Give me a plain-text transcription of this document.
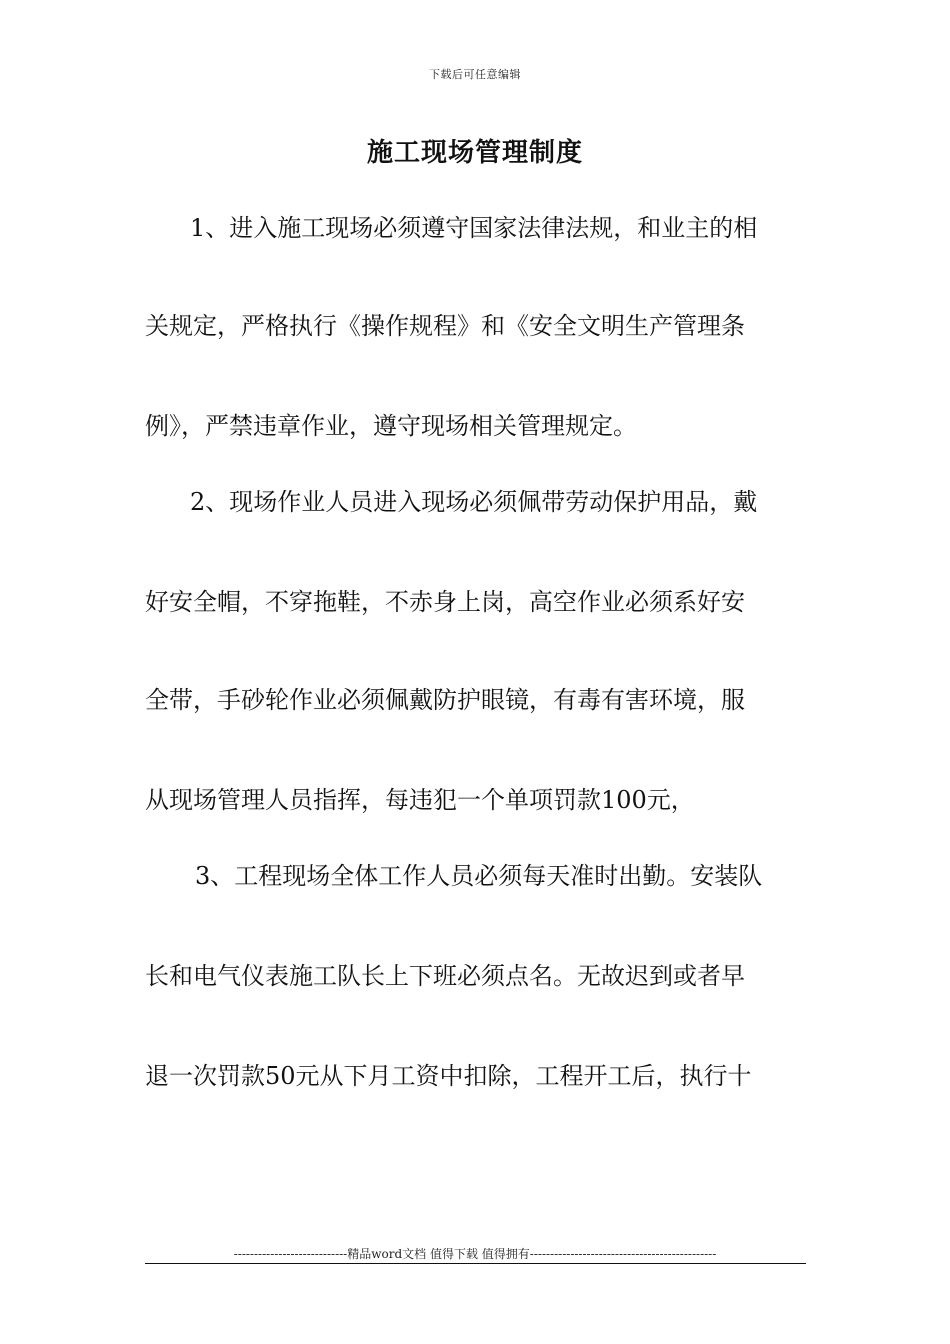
下载后可任意编辑
施工现场管理制度
1、进入施工现场必须遵守国家法律法规，和业主的相
关规定，严格执行《操作规程》和《安全文明生产管理条
例》，严禁违章作业，遵守现场相关管理规定。
2、现场作业人员进入现场必须佩带劳动保护用品，戴
好安全帽，不穿拖鞋，不赤身上岗，高空作业必须系好安
全带，手砂轮作业必须佩戴防护眼镜，有毒有害环境，服
从现场管理人员指挥，每违犯一个单项罚款100元，
3、工程现场全体工作人员必须每天准时出勤。安装队
长和电气仪表施工队长上下班必须点名。无故迟到或者早
退一次罚款50元从下月工资中扣除，工程开工后，执行十
----------------------------精品word文档 值得下载 值得拥有----------------------------------------------
